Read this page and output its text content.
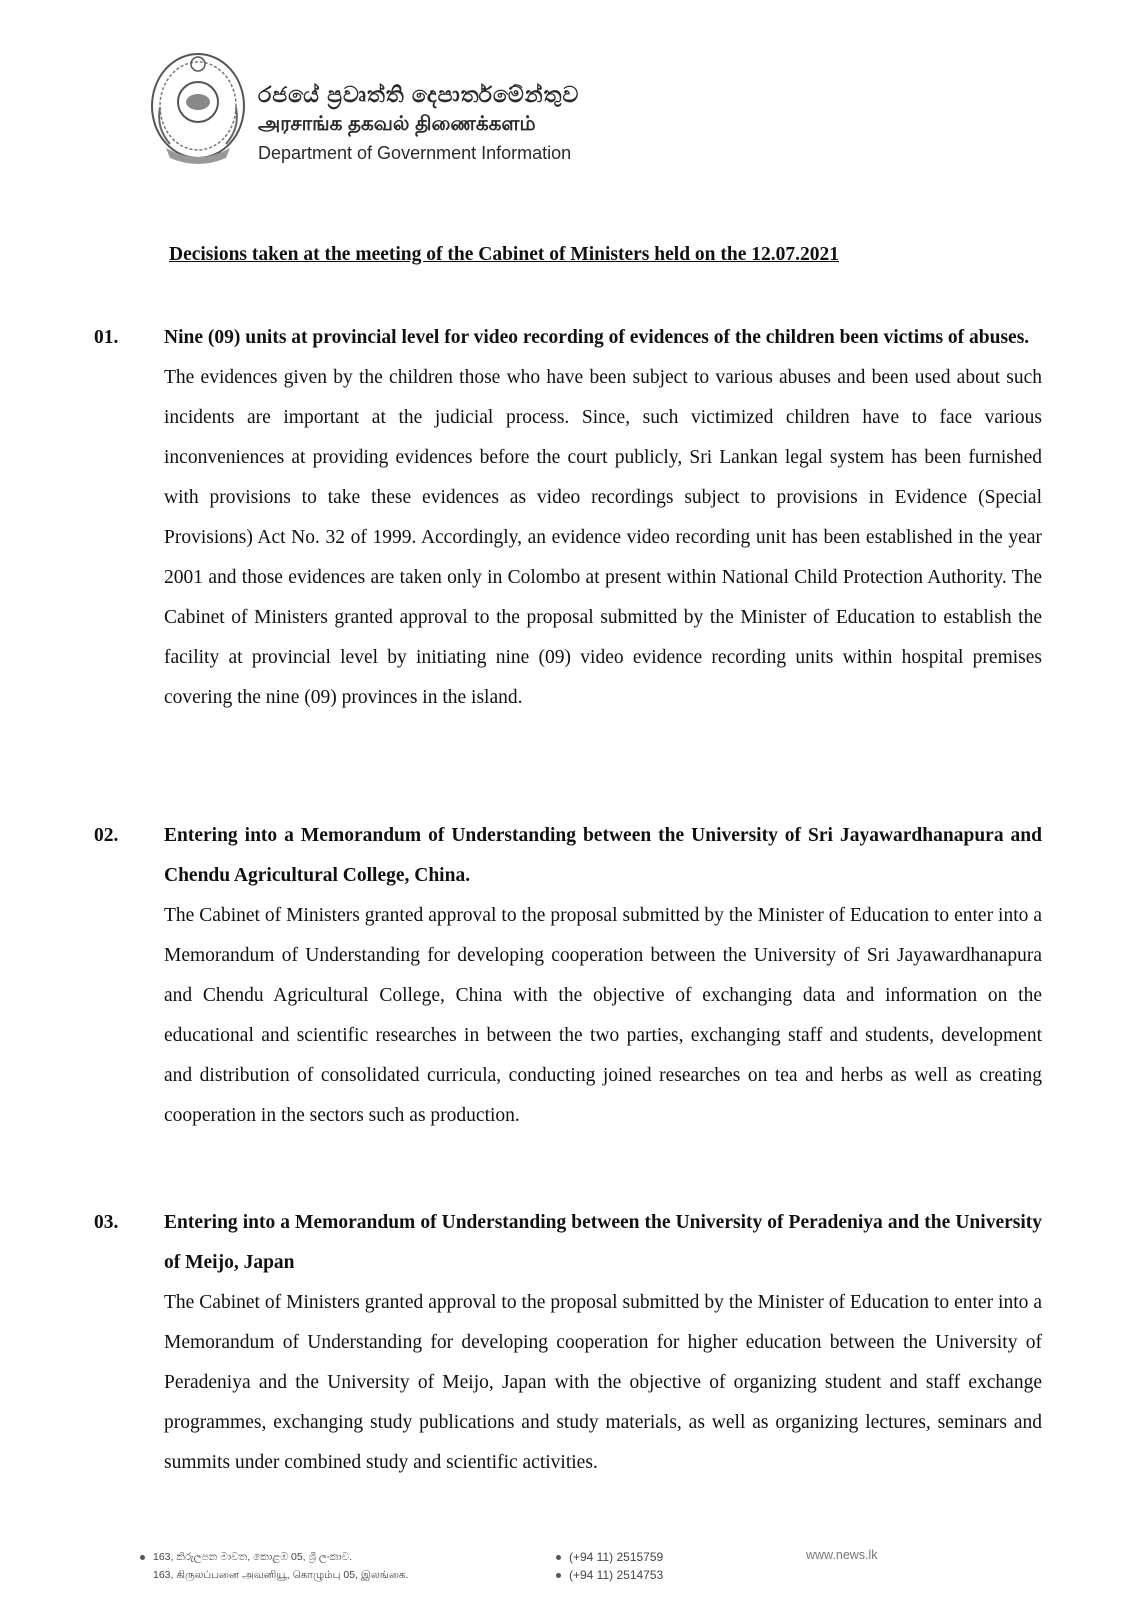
රජයේ ප්‍රවෘත්ති දෙපාර්තමේන්තුව
அரசாங்க தகவல் திணைக்களம்
Department of Government Information
Decisions taken at the meeting of the Cabinet of Ministers held on the 12.07.2021
01. Nine (09) units at provincial level for video recording of evidences of the children been victims of abuses.
The evidences given by the children those who have been subject to various abuses and been used about such incidents are important at the judicial process. Since, such victimized children have to face various inconveniences at providing evidences before the court publicly, Sri Lankan legal system has been furnished with provisions to take these evidences as video recordings subject to provisions in Evidence (Special Provisions) Act No. 32 of 1999. Accordingly, an evidence video recording unit has been established in the year 2001 and those evidences are taken only in Colombo at present within National Child Protection Authority. The Cabinet of Ministers granted approval to the proposal submitted by the Minister of Education to establish the facility at provincial level by initiating nine (09) video evidence recording units within hospital premises covering the nine (09) provinces in the island.
02. Entering into a Memorandum of Understanding between the University of Sri Jayawardhanapura and Chendu Agricultural College, China.
The Cabinet of Ministers granted approval to the proposal submitted by the Minister of Education to enter into a Memorandum of Understanding for developing cooperation between the University of Sri Jayawardhanapura and Chendu Agricultural College, China with the objective of exchanging data and information on the educational and scientific researches in between the two parties, exchanging staff and students, development and distribution of consolidated curricula, conducting joined researches on tea and herbs as well as creating cooperation in the sectors such as production.
03. Entering into a Memorandum of Understanding between the University of Peradeniya and the University of Meijo, Japan
The Cabinet of Ministers granted approval to the proposal submitted by the Minister of Education to enter into a Memorandum of Understanding for developing cooperation for higher education between the University of Peradeniya and the University of Meijo, Japan with the objective of organizing student and staff exchange programmes, exchanging study publications and study materials, as well as organizing lectures, seminars and summits under combined study and scientific activities.
163, කිරුලපන මාවත, කොළඹ 05, ශ්‍රී ලංකාව.
163, கிருலப்பனை அவனியூ, கொழும்பு 05, இலங்கை.
(+94 11) 2515759
(+94 11) 2514753
www.news.lk
